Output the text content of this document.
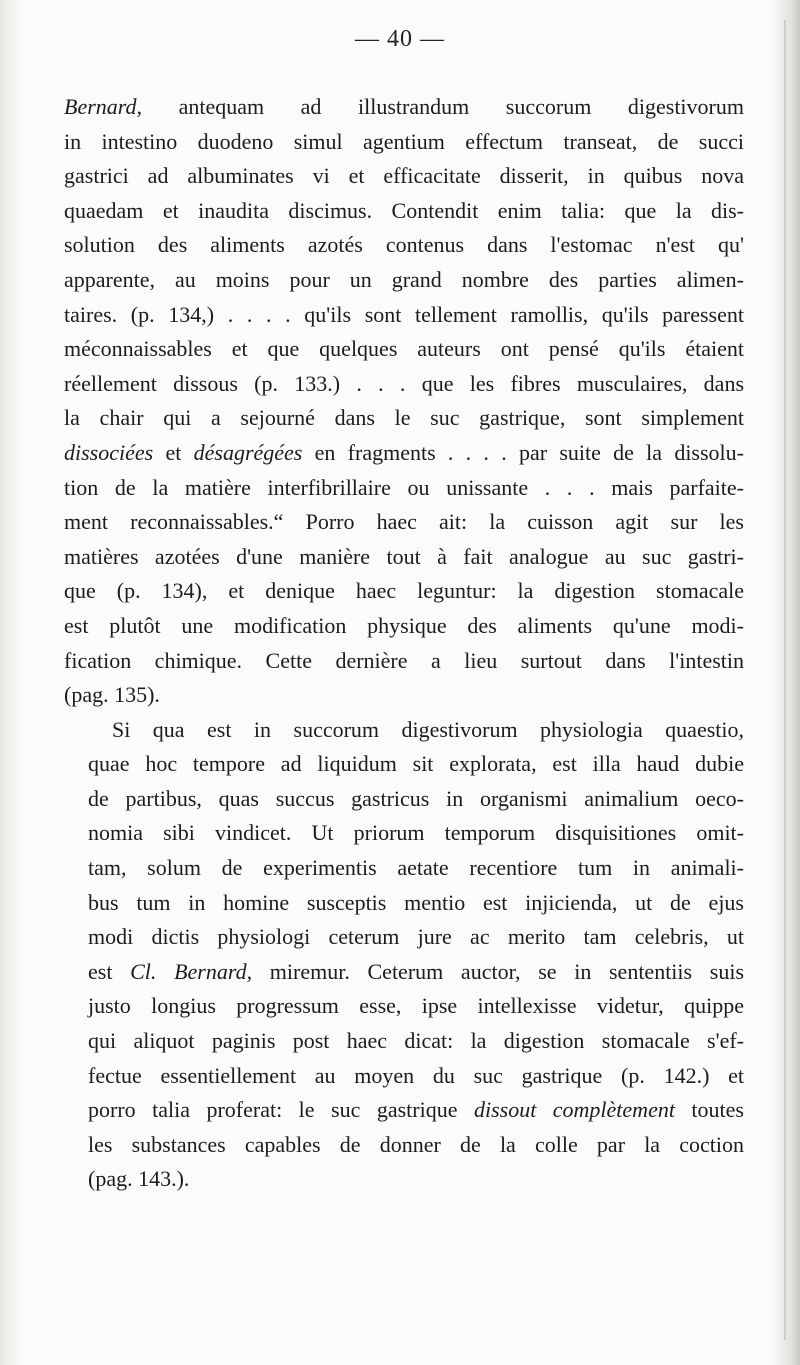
— 40 —
Bernard, antequam ad illustrandum succorum digestivorum
in intestino duodeno simul agentium effectum transeat, de succi
gastrici ad albuminates vi et efficacitate disserit, in quibus nova
quaedam et inaudita discimus. Contendit enim talia: que la dis-
solution des aliments azotés contenus dans l'estomac n'est qu'
apparente, au moins pour un grand nombre des parties alimen-
taires. (p. 134,) . . . . qu'ils sont tellement ramollis, qu'ils paressent
méconnaissables et que quelques auteurs ont pensé qu'ils étaient
réellement dissous (p. 133.) . . . que les fibres musculaires, dans
la chair qui a sejourné dans le suc gastrique, sont simplement
dissociées et désagrégées en fragments . . . . par suite de la dissolu-
tion de la matière interfibrillaire ou unissante . . . mais parfaite-
ment reconnaissables.“ Porro haec ait: la cuisson agit sur les
matières azotées d'une manière tout à fait analogue au suc gastri-
que (p. 134), et denique haec leguntur: la digestion stomacale
est plutôt une modification physique des aliments qu'une modi-
fication chimique. Cette dernière a lieu surtout dans l'intestin
(pag. 135).
Si qua est in succorum digestivorum physiologia quaestio,
quae hoc tempore ad liquidum sit explorata, est illa haud dubie
de partibus, quas succus gastricus in organismi animalium oeco-
nomia sibi vindicet. Ut priorum temporum disquisitiones omit-
tam, solum de experimentis aetate recentiore tum in animali-
bus tum in homine susceptis mentio est injicienda, ut de ejus
modi dictis physiologi ceterum jure ac merito tam celebris, ut
est Cl. Bernard, miremur. Ceterum auctor, se in sententiis suis
justo longius progressum esse, ipse intellexisse videtur, quippe
qui aliquot paginis post haec dicat: la digestion stomacale s'ef-
fectue essentiellement au moyen du suc gastrique (p. 142.) et
porro talia proferat: le suc gastrique dissout complètement toutes
les substances capables de donner de la colle par la coction
(pag. 143.).
